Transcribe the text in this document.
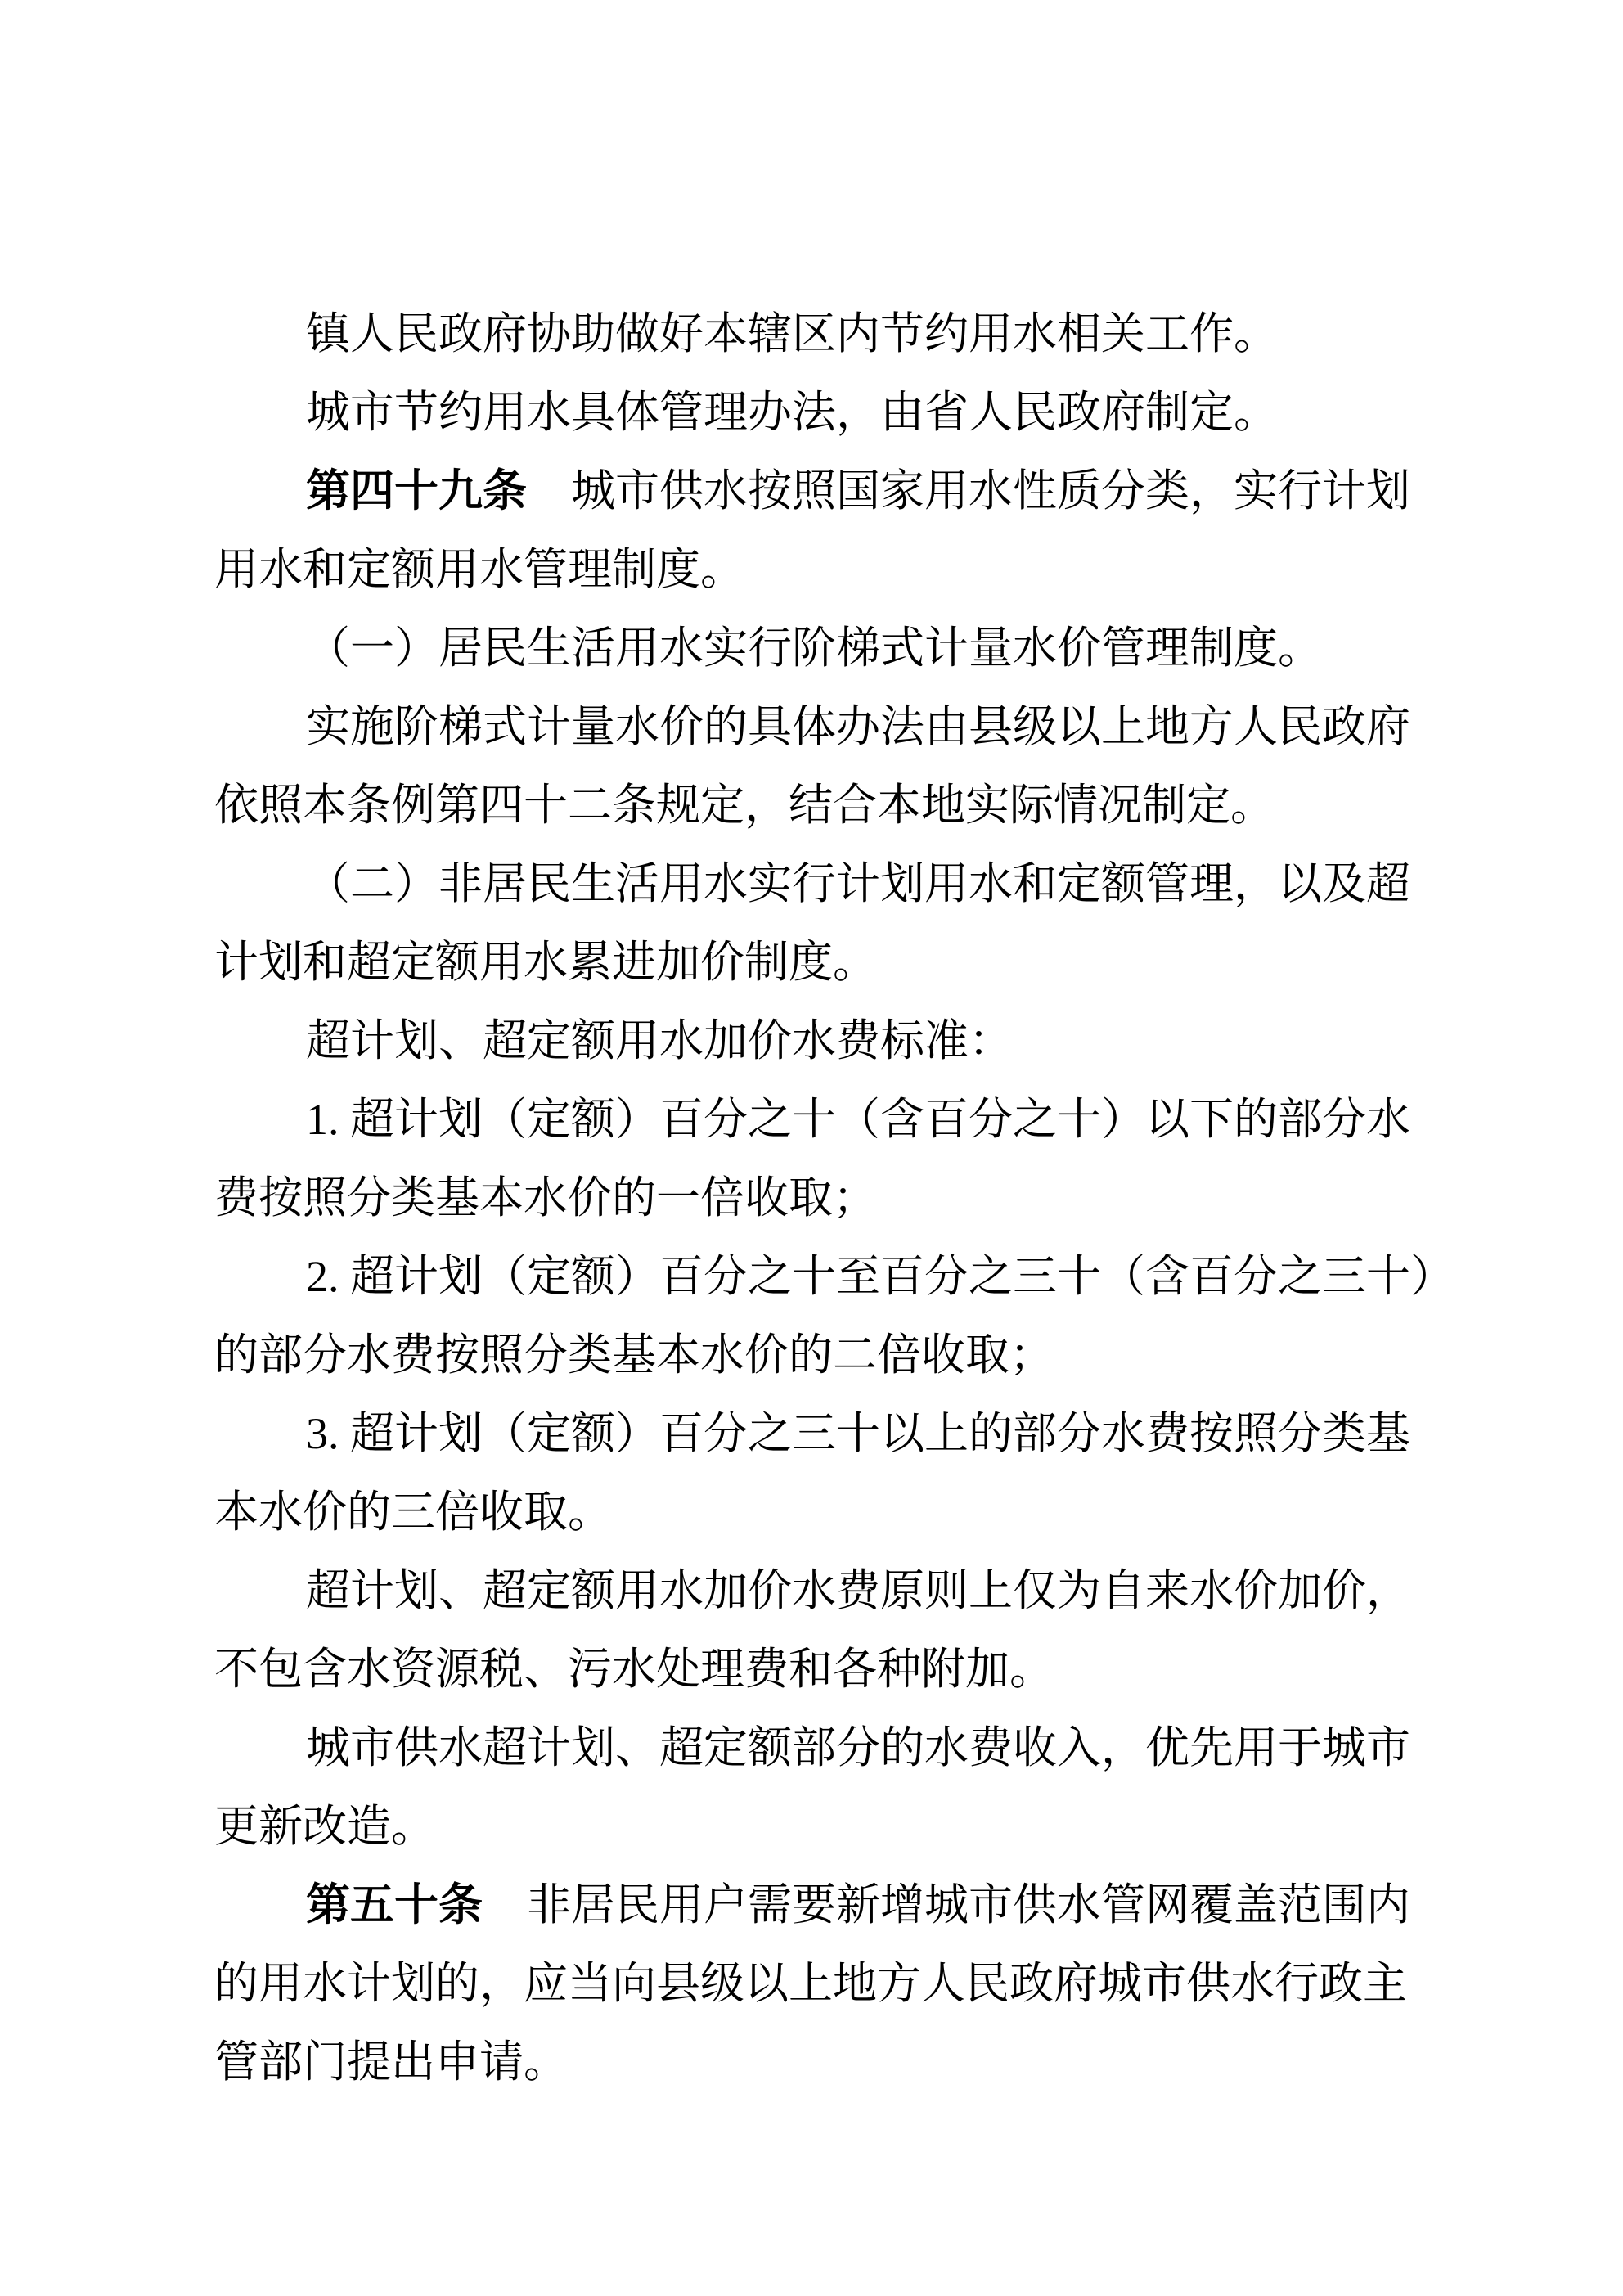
镇人民政府协助做好本辖区内节约用水相关工作。
城市节约用水具体管理办法，由省人民政府制定。
第四十九条 城市供水按照国家用水性质分类，实行计划
用水和定额用水管理制度。
（一）居民生活用水实行阶梯式计量水价管理制度。
实施阶梯式计量水价的具体办法由县级以上地方人民政府
依照本条例第四十二条规定，结合本地实际情况制定。
（二）非居民生活用水实行计划用水和定额管理，以及超
计划和超定额用水累进加价制度。
超计划、超定额用水加价水费标准：
1. 超计划（定额）百分之十（含百分之十）以下的部分水
费按照分类基本水价的一倍收取；
2. 超计划（定额）百分之十至百分之三十（含百分之三十）
的部分水费按照分类基本水价的二倍收取；
3. 超计划（定额）百分之三十以上的部分水费按照分类基
本水价的三倍收取。
超计划、超定额用水加价水费原则上仅为自来水价加价，
不包含水资源税、污水处理费和各种附加。
城市供水超计划、超定额部分的水费收入，优先用于城市
更新改造。
第五十条 非居民用户需要新增城市供水管网覆盖范围内
的用水计划的，应当向县级以上地方人民政府城市供水行政主
管部门提出申请。
